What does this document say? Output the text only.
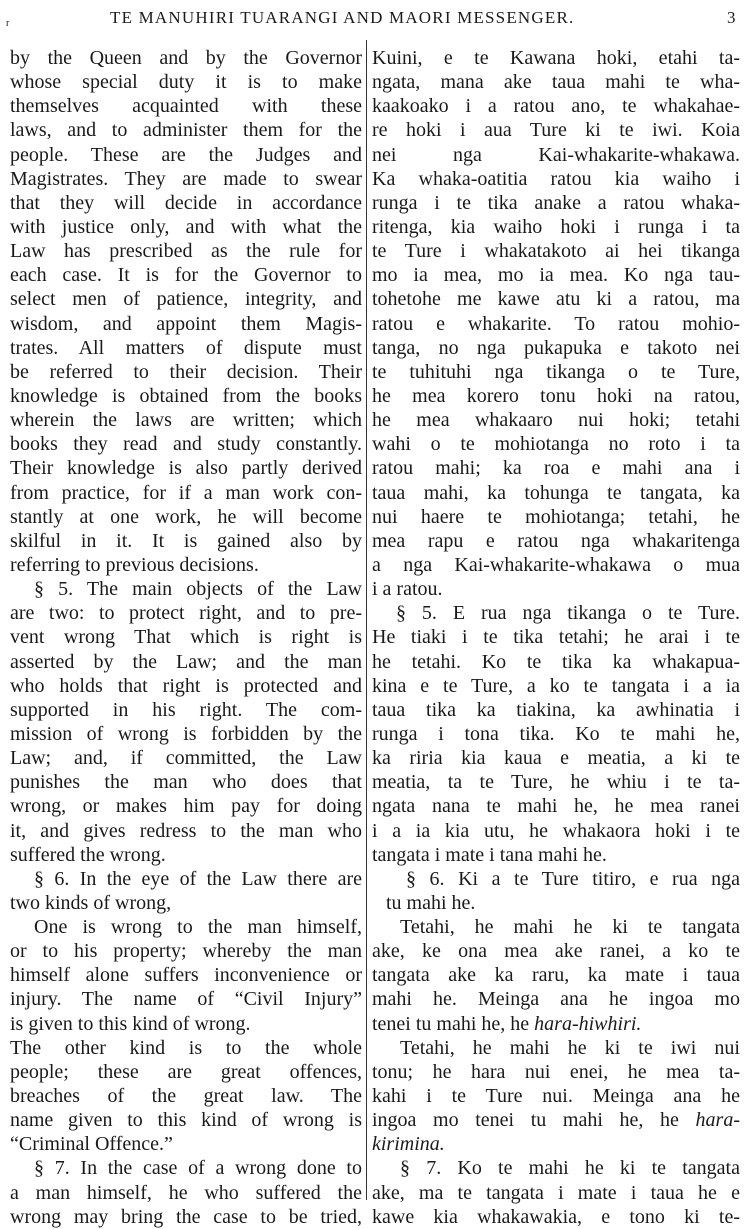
r	TE MANUHIRI TUARANGI AND MAORI MESSENGER.	3
by the Queen and by the Governor
whose special duty it is to make
themselves acquainted with these
laws, and to administer them for the
people. These are the Judges and
Magistrates. They are made to swear
that they will decide in accordance
with justice only, and with what the
Law has prescribed as the rule for
each case. It is for the Governor to
select men of patience, integrity, and
wisdom, and appoint them Magis-
trates. All matters of dispute must
be referred to their decision. Their
knowledge is obtained from the books
wherein the laws are written; which
books they read and study constantly.
Their knowledge is also partly derived
from practice, for if a man work con-
stantly at one work, he will become
skilful in it. It is gained also by
referring to previous decisions.
§ 5. The main objects of the Law
are two: to protect right, and to pre-
vent wrong That which is right is
asserted by the Law; and the man
who holds that right is protected and
supported in his right. The com-
mission of wrong is forbidden by the
Law; and, if committed, the Law
punishes the man who does that
wrong, or makes him pay for doing
it, and gives redress to the man who
suffered the wrong.
§ 6. In the eye of the Law there are
two kinds of wrong,
One is wrong to the man himself,
or to his property; whereby the man
himself alone suffers inconvenience or
injury. The name of “Civil Injury”
is given to this kind of wrong.
The other kind is to the whole
people; these are great offences,
breaches of the great law. The
name given to this kind of wrong is
“Criminal Offence.”
§ 7. In the case of a wrong done to
a man himself, he who suffered the
wrong may bring the case to be tried,
Kuini, e te Kawana hoki, etahi ta-
ngata, mana ake taua mahi te wha-
kaakoako i a ratou ano, te whakahae-
re hoki i aua Ture ki te iwi. Koia
nei nga Kai-whakarite-whakawa.
Ka whaka-oatitia ratou kia waiho i
runga i te tika anake a ratou whaka-
ritenga, kia waiho hoki i runga i ta
te Ture i whakatakoto ai hei tikanga
mo ia mea, mo ia mea. Ko nga tau-
tohetohe me kawe atu ki a ratou, ma
ratou e whakarite. To ratou mohio-
tanga, no nga pukapuka e takoto nei
te tuhituhi nga tikanga o te Ture,
he mea korero tonu hoki na ratou,
he mea whakaaro nui hoki; tetahi
wahi o te mohiotanga no roto i ta
ratou mahi; ka roa e mahi ana i
taua mahi, ka tohunga te tangata, ka
nui haere te mohiotanga; tetahi, he
mea rapu e ratou nga whakaritenga
a nga Kai-whakarite-whakawa o mua
i a ratou.
§ 5. E rua nga tikanga o te Ture.
He tiaki i te tika tetahi; he arai i te
he tetahi. Ko te tika ka whakapua-
kina e te Ture, a ko te tangata i a ia
taua tika ka tiakina, ka awhinatia i
runga i tona tika. Ko te mahi he,
ka riria kia kaua e meatia, a ki te
meatia, ta te Ture, he whiu i te ta-
ngata nana te mahi he, he mea ranei
i a ia kia utu, he whakaora hoki i te
tangata i mate i tana mahi he.
§ 6. Ki a te Ture titiro, e rua nga
tu mahi he.
Tetahi, he mahi he ki te tangata
ake, ke ona mea ake ranei, a ko te
tangata ake ka raru, ka mate i taua
mahi he. Meinga ana he ingoa mo
tenei tu mahi he, he hara-hiwhiri.
Tetahi, he mahi he ki te iwi nui
tonu; he hara nui enei, he mea ta-
kahi i te Ture nui. Meinga ana he
ingoa mo tenei tu mahi he, he hara-
kirimina.
§ 7. Ko te mahi he ki te tangata
ake, ma te tangata i mate i taua he e
kawe kia whakawakia, e tono ki te-
